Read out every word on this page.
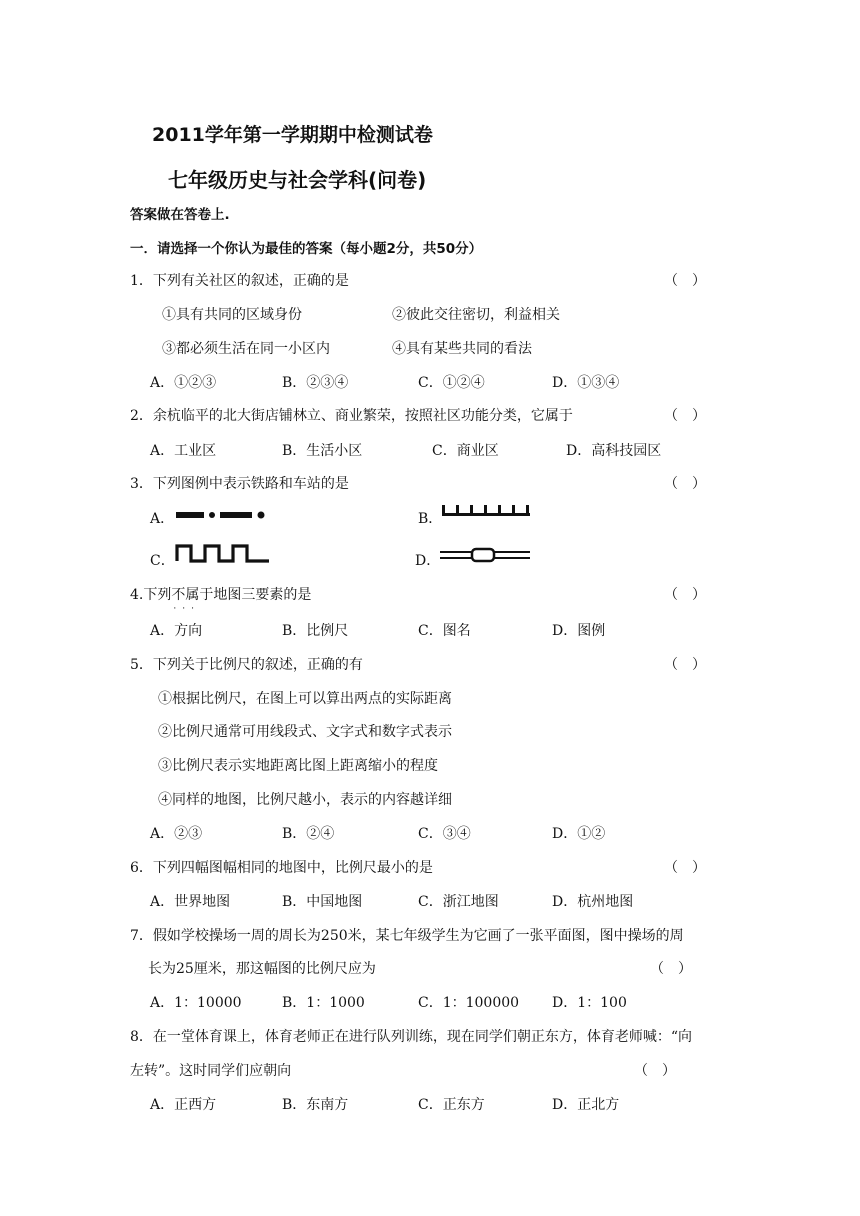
2011学年第一学期期中检测试卷
七年级历史与社会学科(问卷)
答案做在答卷上.
一．请选择一个你认为最佳的答案（每小题2分，共50分）
1．下列有关社区的叙述，正确的是	（　）
①具有共同的区域身份	②彼此交往密切，利益相关
③都必须生活在同一小区内	④具有某些共同的看法
A．①②③	B．②③④	C．①②④	D．①③④
2．余杭临平的北大街店铺林立、商业繁荣，按照社区功能分类，它属于	（　）
A．工业区	B．生活小区	C．商业区	D．高科技园区
3．下列图例中表示铁路和车站的是	（　）
A．	B．
C．	D．
4.下列不属于
···
地图三要素的是	（　）
A．方向	B．比例尺	C．图名	D．图例
5．下列关于比例尺的叙述，正确的有	（　）
①根据比例尺，在图上可以算出两点的实际距离
②比例尺通常可用线段式、文字式和数字式表示
③比例尺表示实地距离比图上距离缩小的程度
④同样的地图，比例尺越小，表示的内容越详细
A．②③	B．②④	C．③④	D．①②
6．下列四幅图幅相同的地图中，比例尺最小的是	（　）
A．世界地图	B．中国地图	C．浙江地图	D．杭州地图
7．假如学校操场一周的周长为250米，某七年级学生为它画了一张平面图，图中操场的周
长为25厘米，那这幅图的比例尺应为	（　）
A．1：10000	B．1：1000	C．1：100000 D．1：100
8．在一堂体育课上，体育老师正在进行队列训练，现在同学们朝正东方，体育老师喊：“向
左转”。这时同学们应朝向	（　）
A．正西方	B．东南方	C．正东方	D．正北方
